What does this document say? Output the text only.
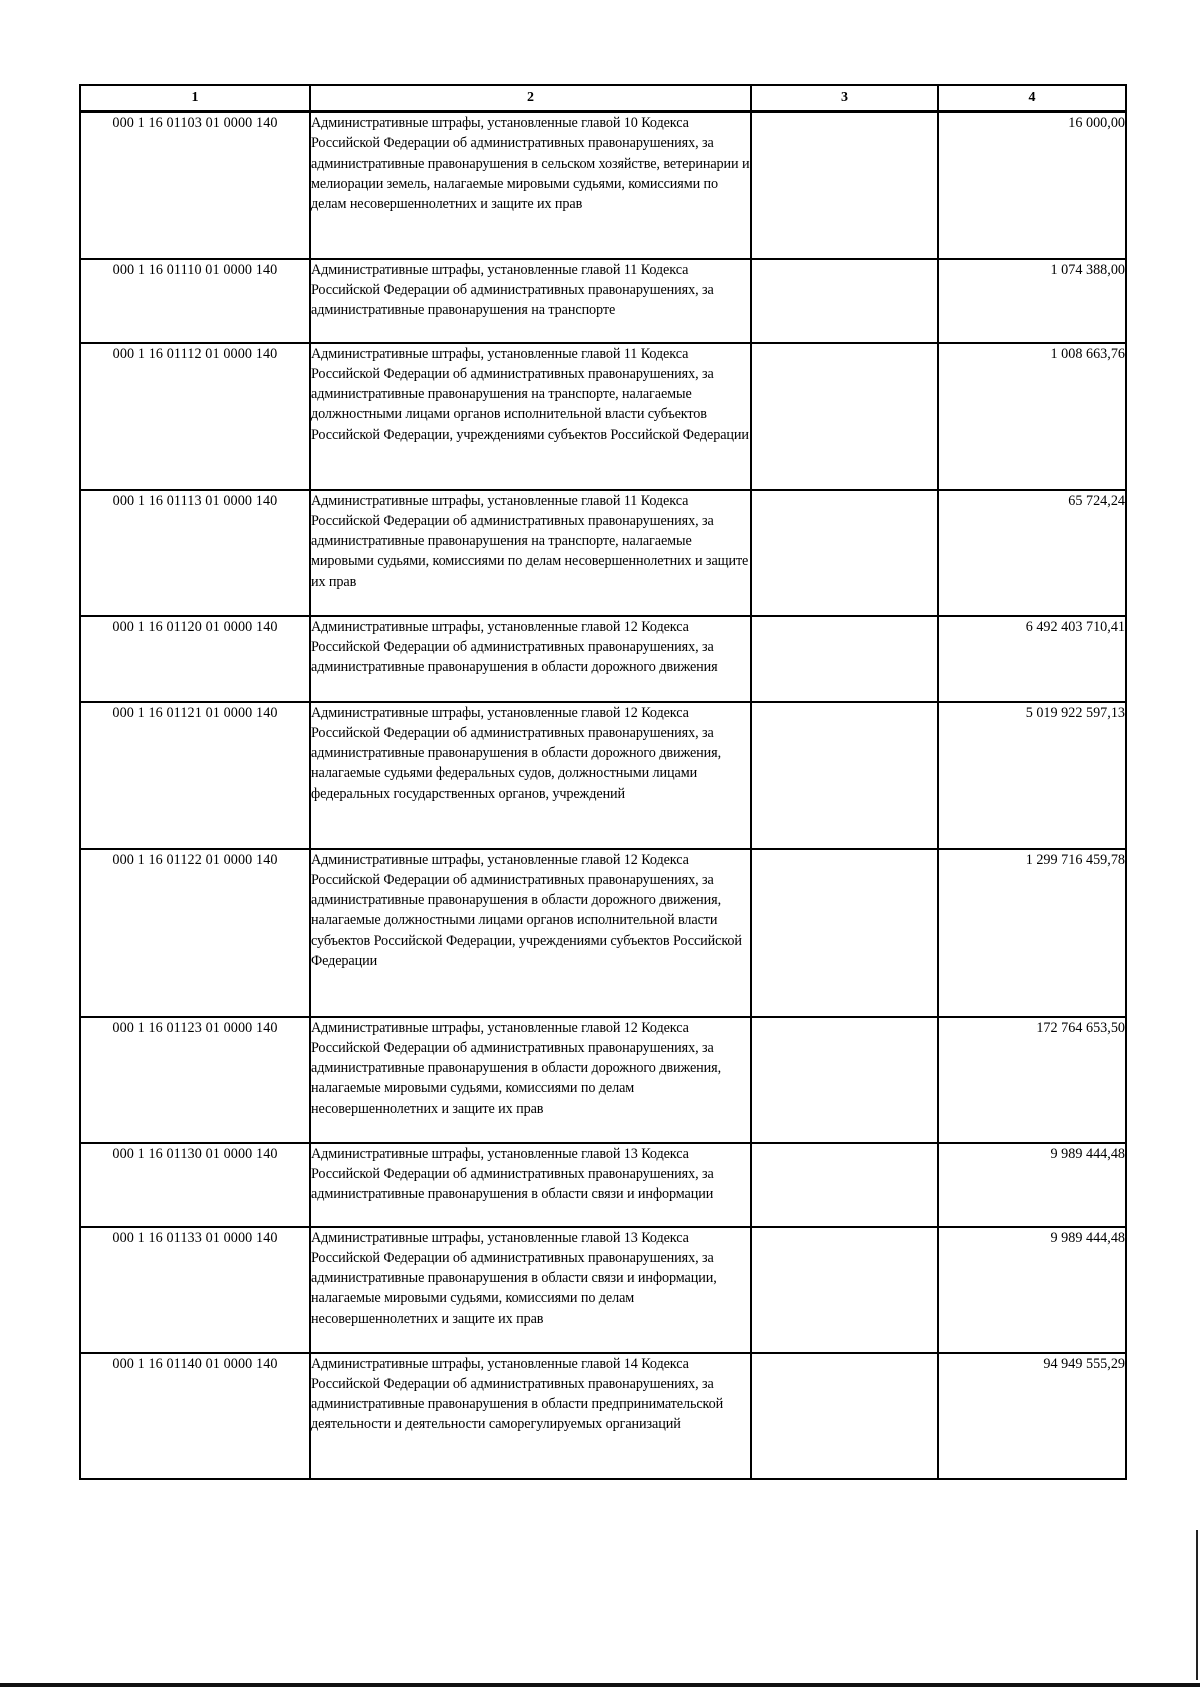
1	2	3	4
000 1 16 01103 01 0000 140	Административные штрафы, установленные главой 10 Кодекса Российской Федерации об административных правонарушениях, за административные правонарушения в сельском хозяйстве, ветеринарии и мелиорации земель, налагаемые мировыми судьями, комиссиями по делам несовершеннолетних и защите их прав		16 000,00
000 1 16 01110 01 0000 140	Административные штрафы, установленные главой 11 Кодекса Российской Федерации об административных правонарушениях, за административные правонарушения на транспорте		1 074 388,00
000 1 16 01112 01 0000 140	Административные штрафы, установленные главой 11 Кодекса Российской Федерации об административных правонарушениях, за административные правонарушения на транспорте, налагаемые должностными лицами органов исполнительной власти субъектов Российской Федерации, учреждениями субъектов Российской Федерации		1 008 663,76
000 1 16 01113 01 0000 140	Административные штрафы, установленные главой 11 Кодекса Российской Федерации об административных правонарушениях, за административные правонарушения на транспорте, налагаемые мировыми судьями, комиссиями по делам несовершеннолетних и защите их прав		65 724,24
000 1 16 01120 01 0000 140	Административные штрафы, установленные главой 12 Кодекса Российской Федерации об административных правонарушениях, за административные правонарушения в области дорожного движения		6 492 403 710,41
000 1 16 01121 01 0000 140	Административные штрафы, установленные главой 12 Кодекса Российской Федерации об административных правонарушениях, за административные правонарушения в области дорожного движения, налагаемые судьями федеральных судов, должностными лицами федеральных государственных органов, учреждений		5 019 922 597,13
000 1 16 01122 01 0000 140	Административные штрафы, установленные главой 12 Кодекса Российской Федерации об административных правонарушениях, за административные правонарушения в области дорожного движения, налагаемые должностными лицами органов исполнительной власти субъектов Российской Федерации, учреждениями субъектов Российской Федерации		1 299 716 459,78
000 1 16 01123 01 0000 140	Административные штрафы, установленные главой 12 Кодекса Российской Федерации об административных правонарушениях, за административные правонарушения в области дорожного движения, налагаемые мировыми судьями, комиссиями по делам несовершеннолетних и защите их прав		172 764 653,50
000 1 16 01130 01 0000 140	Административные штрафы, установленные главой 13 Кодекса Российской Федерации об административных правонарушениях, за административные правонарушения в области связи и информации		9 989 444,48
000 1 16 01133 01 0000 140	Административные штрафы, установленные главой 13 Кодекса Российской Федерации об административных правонарушениях, за административные правонарушения в области связи и информации, налагаемые мировыми судьями, комиссиями по делам несовершеннолетних и защите их прав		9 989 444,48
000 1 16 01140 01 0000 140	Административные штрафы, установленные главой 14 Кодекса Российской Федерации об административных правонарушениях, за административные правонарушения в области предпринимательской деятельности и деятельности саморегулируемых организаций		94 949 555,29
